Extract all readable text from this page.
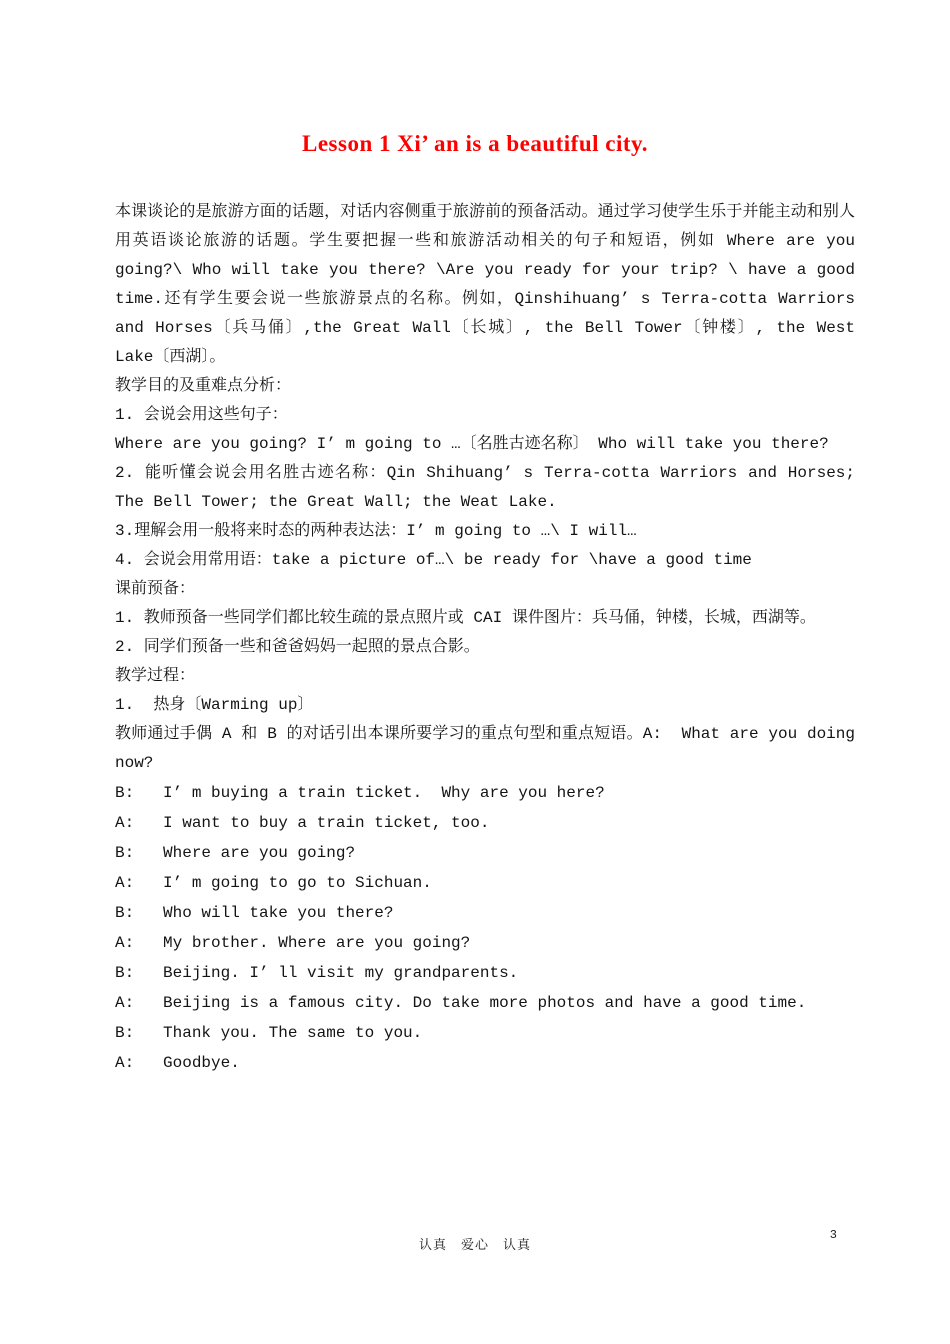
Lesson 1 Xi’ an is a beautiful city.

本课谈论的是旅游方面的话题，对话内容侧重于旅游前的预备活动。通过学习使学生乐于并能主动和别人用英语谈论旅游的话题。学生要把握一些和旅游活动相关的句子和短语，例如 Where are you going?\ Who will take you there? \Are you ready for your trip? \ have a good time.还有学生要会说一些旅游景点的名称。例如，Qinshihuang’ s Terra-cotta Warriors and Horses〔兵马俑〕,the Great Wall〔长城〕, the Bell Tower〔钟楼〕, the West Lake〔西湖〕。

教学目的及重难点分析：

1. 会说会用这些句子：

Where are you going? I’ m going to …〔名胜古迹名称〕 Who will take you there?

2. 能听懂会说会用名胜古迹名称：Qin Shihuang’ s Terra-cotta Warriors and Horses; The Bell Tower; the Great Wall; the Weat Lake.

3.理解会用一般将来时态的两种表达法：I’ m going to …\ I will…

4. 会说会用常用语：take a picture of…\ be ready for \have a good time

课前预备：

1. 教师预备一些同学们都比较生疏的景点照片或 CAI 课件图片：兵马俑，钟楼，长城，西湖等。

2. 同学们预备一些和爸爸妈妈一起照的景点合影。

教学过程：

1.  热身〔Warming up〕

教师通过手偶 A 和 B 的对话引出本课所要学习的重点句型和重点短语。A:  What are you doing now?

B:   I’ m buying a train ticket.  Why are you here?

A:   I want to buy a train ticket, too.

B:   Where are you going?

A:   I’ m going to go to Sichuan.

B:   Who will take you there?

A:   My brother. Where are you going?

B:   Beijing. I’ ll visit my grandparents.

A:   Beijing is a famous city. Do take more photos and have a good time.

B:   Thank you. The same to you.

A:   Goodbye.

认真　爱心　认真
3
